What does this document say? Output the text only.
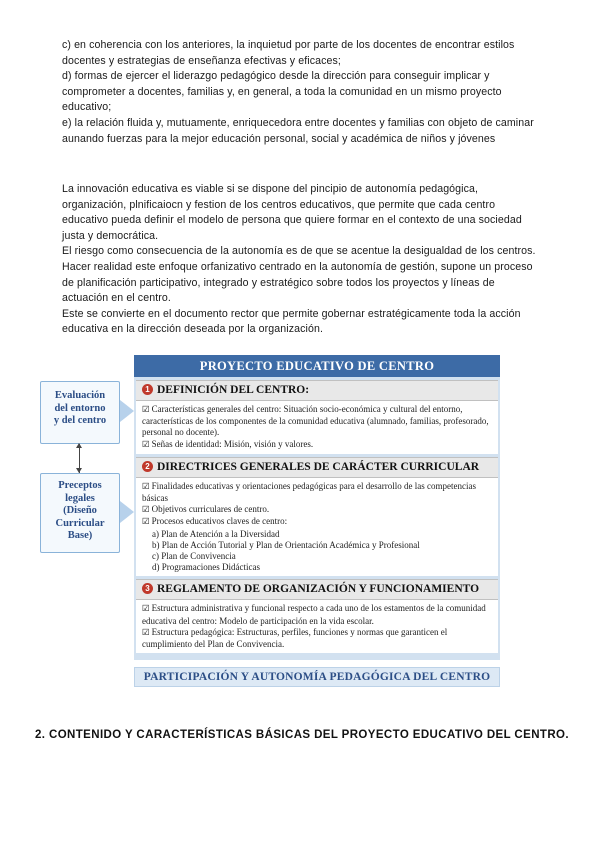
c) en coherencia con los anteriores, la inquietud por parte de los docentes de encontrar estilos docentes y estrategias de enseñanza efectivas y eficaces;

d) formas de ejercer el liderazgo pedagógico desde la dirección para conseguir implicar y comprometer a docentes, familias y, en general, a toda la comunidad en un mismo proyecto educativo;

e) la relación fluida y, mutuamente, enriquecedora entre docentes y familias con objeto de caminar aunando fuerzas para la mejor educación personal, social y académica de niños y jóvenes

La innovación educativa es viable si se dispone del pincipio de autonomía pedagógica, organización, plnificaiocn y festion de los centros educativos, que permite que cada centro educativo pueda definir el modelo de persona que quiere formar en el contexto de una sociedad justa y democrática.

El riesgo como consecuencia de la autonomía es de que se acentue la desigualdad de los centros. Hacer realidad este enfoque orfanizativo centrado en la autonomía de gestión, supone un proceso de planificación participativo, integrado y estratégico sobre todos los proyectos y líneas de actuación en el centro.

Este se convierte en el documento rector que permite gobernar estratégicamente toda la acción educativa en la dirección deseada por la organización.

Evaluación
del entorno
y del centro
Preceptos
legales
(Diseño
Curricular
Base)
PROYECTO EDUCATIVO DE CENTRO
1 DEFINICIÓN DEL CENTRO:

☑ Características generales del centro: Situación socio-económica y cultural del entorno, características de los componentes de la comunidad educativa (alumnado, familias, profesorado, personal no docente).

☑ Señas de identidad: Misión, visión y valores.

2 DIRECTRICES GENERALES DE CARÁCTER CURRICULAR

☑ Finalidades educativas y orientaciones pedagógicas para el desarrollo de las competencias básicas

☑ Objetivos curriculares de centro.

☑ Procesos educativos claves de centro:

a) Plan de Atención a la Diversidad

b) Plan de Acción Tutorial y Plan de Orientación Académica y Profesional

c) Plan de Convivencia

d) Programaciones Didácticas

3 REGLAMENTO DE ORGANIZACIÓN Y FUNCIONAMIENTO

☑ Estructura administrativa y funcional respecto a cada uno de los estamentos de la comunidad educativa del centro: Modelo de participación en la vida escolar.

☑ Estructura pedagógica: Estructuras, perfiles, funciones y normas que garanticen el cumplimiento del Plan de Convivencia.

PARTICIPACIÓN Y AUTONOMÍA PEDAGÓGICA DEL CENTRO
2. CONTENIDO Y CARACTERÍSTICAS BÁSICAS DEL PROYECTO EDUCATIVO DEL CENTRO.
